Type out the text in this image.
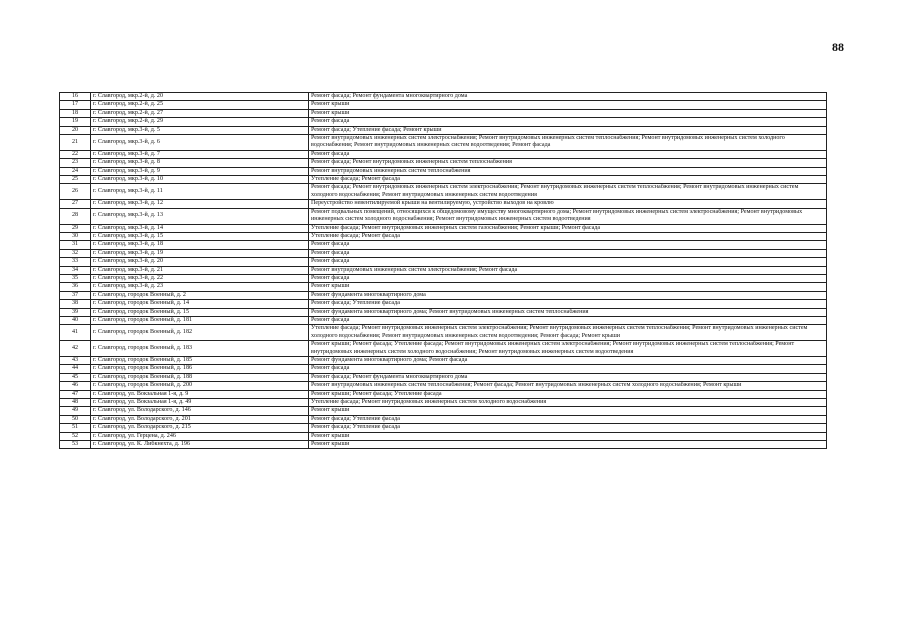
88
16	г. Славгород, мкр.2-й, д. 20	Ремонт фасада; Ремонт фундамента многоквартирного дома
17	г. Славгород, мкр.2-й, д. 25	Ремонт крыши
18	г. Славгород, мкр.2-й, д. 27	Ремонт крыши
19	г. Славгород, мкр.2-й, д. 29	Ремонт фасада
20	г. Славгород, мкр.3-й, д. 5	Ремонт фасада; Утепление фасада; Ремонт крыши
21	г. Славгород, мкр.3-й, д. 6	Ремонт внутридомовых инженерных систем электроснабжения; Ремонт внутридомовых инженерных систем теплоснабжения; Ремонт внутридомовых инженерных систем холодного водоснабжения; Ремонт внутридомовых инженерных систем водоотведения; Ремонт фасада
22	г. Славгород, мкр.3-й, д. 7	Ремонт фасада
23	г. Славгород, мкр.3-й, д. 8	Ремонт фасада; Ремонт внутридомовых инженерных систем теплоснабжения
24	г. Славгород, мкр.3-й, д. 9	Ремонт внутридомовых инженерных систем теплоснабжения
25	г. Славгород, мкр.3-й, д. 10	Утепление фасада; Ремонт фасада
26	г. Славгород, мкр.3-й, д. 11	Ремонт фасада; Ремонт внутридомовых инженерных систем электроснабжения; Ремонт внутридомовых инженерных систем теплоснабжения; Ремонт внутридомовых инженерных систем холодного водоснабжения; Ремонт внутридомовых инженерных систем водоотведения
27	г. Славгород, мкр.3-й, д. 12	Переустройство невентилируемой крыши на вентилируемую, устройство выходов на кровлю
28	г. Славгород, мкр.3-й, д. 13	Ремонт подвальных помещений, относящихся к общедомовому имуществу многоквартирного дома; Ремонт внутридомовых инженерных систем электроснабжения; Ремонт внутридомовых инженерных систем холодного водоснабжения; Ремонт внутридомовых инженерных систем водоотведения
29	г. Славгород, мкр.3-й, д. 14	Утепление фасада; Ремонт внутридомовых инженерных систем газоснабжения; Ремонт крыши; Ремонт фасада
30	г. Славгород, мкр.3-й, д. 15	Утепление фасада; Ремонт фасада
31	г. Славгород, мкр.3-й, д. 18	Ремонт фасада
32	г. Славгород, мкр.3-й, д. 19	Ремонт фасада
33	г. Славгород, мкр.3-й, д. 20	Ремонт фасада
34	г. Славгород, мкр.3-й, д. 21	Ремонт внутридомовых инженерных систем электроснабжения; Ремонт фасада
35	г. Славгород, мкр.3-й, д. 22	Ремонт фасада
36	г. Славгород, мкр.3-й, д. 23	Ремонт крыши
37	г. Славгород, городок Военный, д. 2	Ремонт фундамента многоквартирного дома
38	г. Славгород, городок Военный, д. 14	Ремонт фасада; Утепление фасада
39	г. Славгород, городок Военный, д. 15	Ремонт фундамента многоквартирного дома; Ремонт внутридомовых инженерных систем теплоснабжения
40	г. Славгород, городок Военный, д. 181	Ремонт фасада
41	г. Славгород, городок Военный, д. 182	Утепление фасада; Ремонт внутридомовых инженерных систем электроснабжения; Ремонт внутридомовых инженерных систем теплоснабжения; Ремонт внутридомовых инженерных систем холодного водоснабжения; Ремонт внутридомовых инженерных систем водоотведения; Ремонт фасада; Ремонт крыши
42	г. Славгород, городок Военный, д. 183	Ремонт крыши; Ремонт фасада; Утепление фасада; Ремонт внутридомовых инженерных систем электроснабжения; Ремонт внутридомовых инженерных систем теплоснабжения; Ремонт внутридомовых инженерных систем холодного водоснабжения; Ремонт внутридомовых инженерных систем водоотведения
43	г. Славгород, городок Военный, д. 185	Ремонт фундамента многоквартирного дома; Ремонт фасада
44	г. Славгород, городок Военный, д. 186	Ремонт фасада
45	г. Славгород, городок Военный, д. 188	Ремонт фасада; Ремонт фундамента многоквартирного дома
46	г. Славгород, городок Военный, д. 200	Ремонт внутридомовых инженерных систем теплоснабжения; Ремонт фасада; Ремонт внутридомовых инженерных систем холодного водоснабжения; Ремонт крыши
47	г. Славгород, ул. Вокзальная 1-я, д. 9	Ремонт крыши; Ремонт фасада; Утепление фасада
48	г. Славгород, ул. Вокзальная 1-я, д. 49	Утепление фасада; Ремонт внутридомовых инженерных систем холодного водоснабжения
49	г. Славгород, ул. Володарского, д. 146	Ремонт крыши
50	г. Славгород, ул. Володарского, д. 201	Ремонт фасада; Утепление фасада
51	г. Славгород, ул. Володарского, д. 215	Ремонт фасада; Утепление фасада
52	г. Славгород, ул. Герцена, д. 246	Ремонт крыши
53	г. Славгород, ул. К. Либкнехта, д. 196	Ремонт крыши
